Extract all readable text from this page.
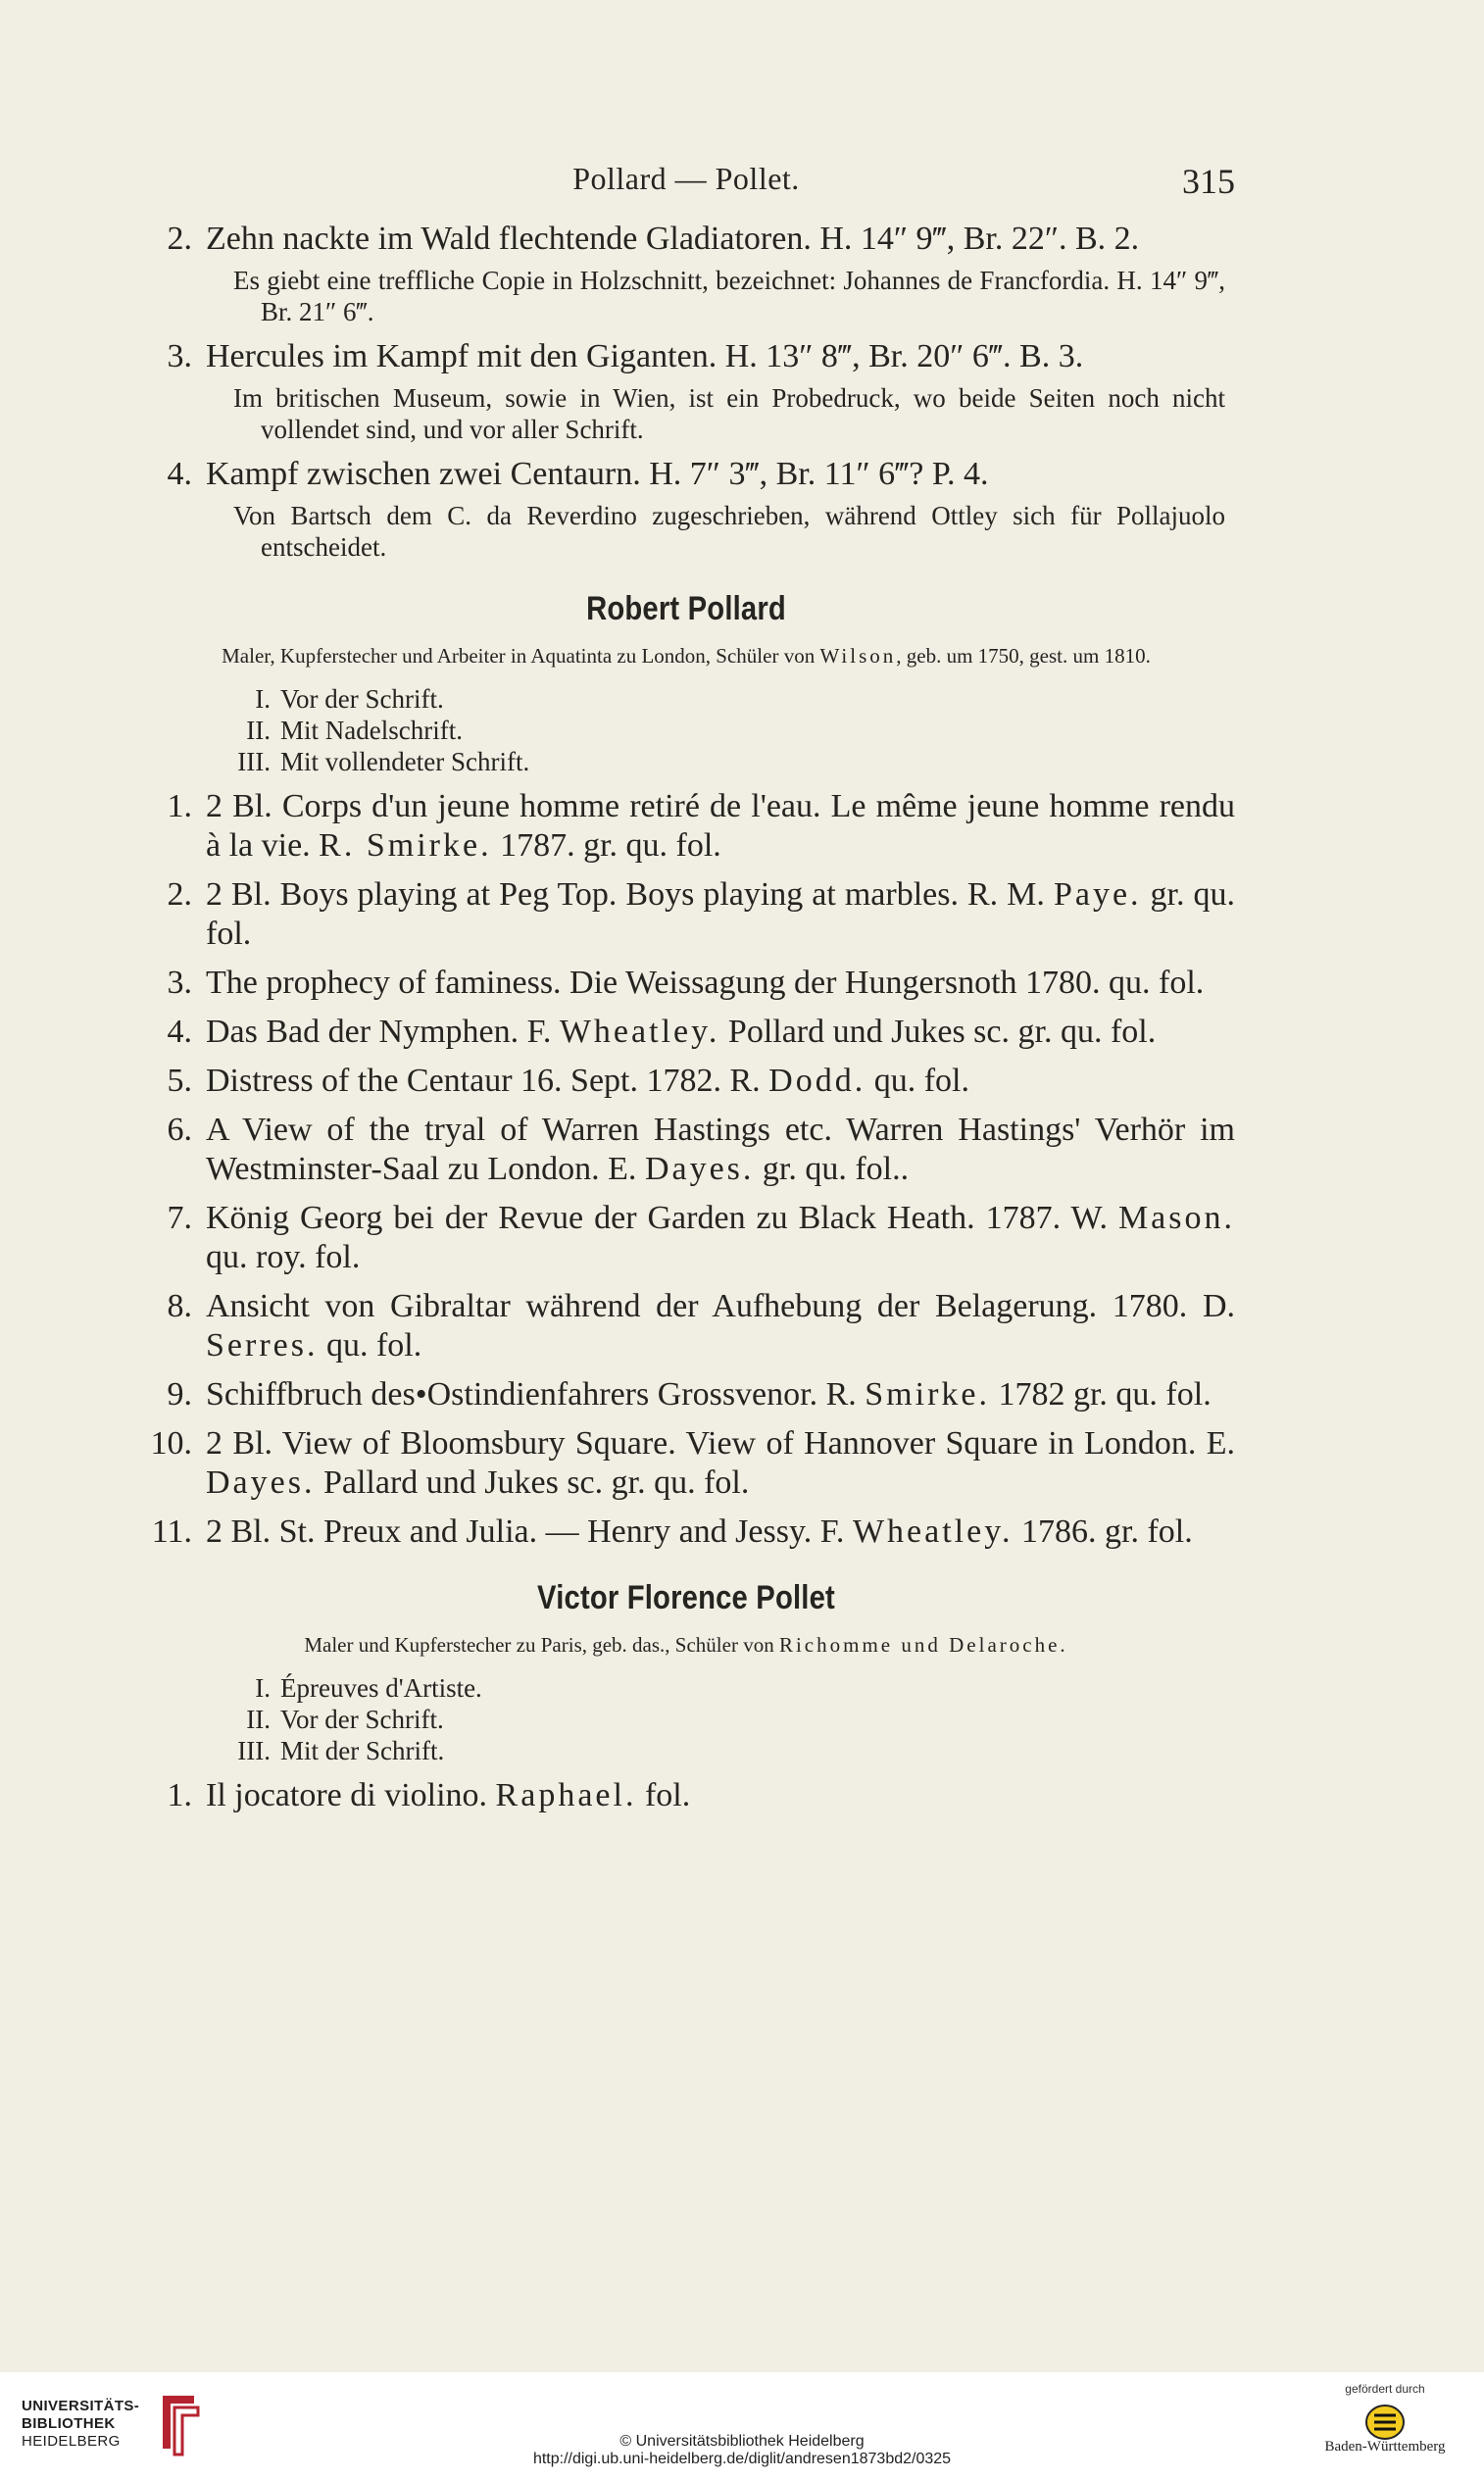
Pollard — Pollet.	315
2. Zehn nackte im Wald flechtende Gladiatoren. H. 14″ 9‴, Br. 22″. B. 2.
Es giebt eine treffliche Copie in Holzschnitt, bezeichnet: Johannes de Francfordia. H. 14″ 9‴, Br. 21″ 6‴.
3. Hercules im Kampf mit den Giganten. H. 13″ 8‴, Br. 20″ 6‴. B. 3.
Im britischen Museum, sowie in Wien, ist ein Probedruck, wo beide Seiten noch nicht vollendet sind, und vor aller Schrift.
4. Kampf zwischen zwei Centaurn. H. 7″ 3‴, Br. 11″ 6‴? P. 4.
Von Bartsch dem C. da Reverdino zugeschrieben, während Ottley sich für Pollajuolo entscheidet.
Robert Pollard
Maler, Kupferstecher und Arbeiter in Aquatinta zu London, Schüler von Wilson, geb. um 1750, gest. um 1810.
I. Vor der Schrift.
II. Mit Nadelschrift.
III. Mit vollendeter Schrift.
1. 2 Bl. Corps d'un jeune homme retiré de l'eau. Le même jeune homme rendu à la vie. R. Smirke. 1787. gr. qu. fol.
2. 2 Bl. Boys playing at Peg Top. Boys playing at marbles. R. M. Paye. gr. qu. fol.
3. The prophecy of faminess. Die Weissagung der Hungersnoth 1780. qu. fol.
4. Das Bad der Nymphen. F. Wheatley. Pollard und Jukes sc. gr. qu. fol.
5. Distress of the Centaur 16. Sept. 1782. R. Dodd. qu. fol.
6. A View of the tryal of Warren Hastings etc. Warren Hastings' Verhör im Westminster-Saal zu London. E. Dayes. gr. qu. fol..
7. König Georg bei der Revue der Garden zu Black Heath. 1787. W. Mason. qu. roy. fol.
8. Ansicht von Gibraltar während der Aufhebung der Belagerung. 1780. D. Serres. qu. fol.
9. Schiffbruch des•Ostindienfahrers Grossvenor. R. Smirke. 1782 gr. qu. fol.
10. 2 Bl. View of Bloomsbury Square. View of Hannover Square in London. E. Dayes. Pallard und Jukes sc. gr. qu. fol.
11. 2 Bl. St. Preux and Julia. — Henry and Jessy. F. Wheatley. 1786. gr. fol.
Victor Florence Pollet
Maler und Kupferstecher zu Paris, geb. das., Schüler von Richomme und Delaroche.
I. Épreuves d'Artiste.
II. Vor der Schrift.
III. Mit der Schrift.
1. Il jocatore di violino. Raphael. fol.
UNIVERSITÄTS-
BIBLIOTHEK
HEIDELBERG	© Universitätsbibliothek Heidelberg
http://digi.ub.uni-heidelberg.de/diglit/andresen1873bd2/0325
gefördert durch
Baden-Württemberg
